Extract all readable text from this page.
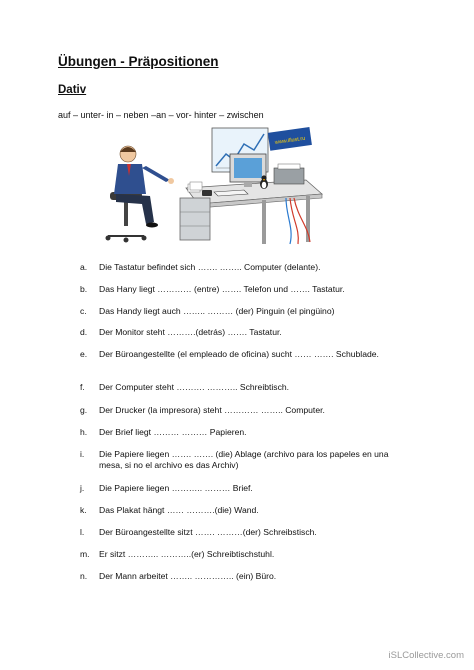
Übungen - Präpositionen
Dativ
auf – unter- in – neben –an – vor- hinter – zwischen
www.illust.ru
a.	Die Tastatur befindet sich ……. …….. Computer (delante).
b.	Das Hany liegt ………… (entre) ……. Telefon und ……. Tastatur.
c.	Das Handy liegt auch …….. ……… (der) Pinguin (el pingüino)
d.	Der Monitor steht ……….(detrás) ……. Tastatur.
e.	Der Büroangestellte (el empleado de oficina) sucht …… ……. Schublade.
f.	Der Computer steht ………. ……….. Schreibtisch.
g.	Der Drucker (la impresora) steht ………… …….. Computer.
h.	Der Brief liegt ……… ……… Papieren.
i.	Die Papiere liegen ……. ……. (die) Ablage (archivo para los papeles en una mesa, si no el archivo es das Archiv)
j.	Die Papiere liegen ……….. ……… Brief.
k.	Das Plakat hängt …… ……….(die) Wand.
l.	Der Büroangestellte sitzt ……. ………(der) Schreibstisch.
m.	Er sitzt ……….. ………..(er) Schreibtischstuhl.
n.	Der Mann arbeitet …….. ………….. (ein) Büro.
iSLCollective.com
